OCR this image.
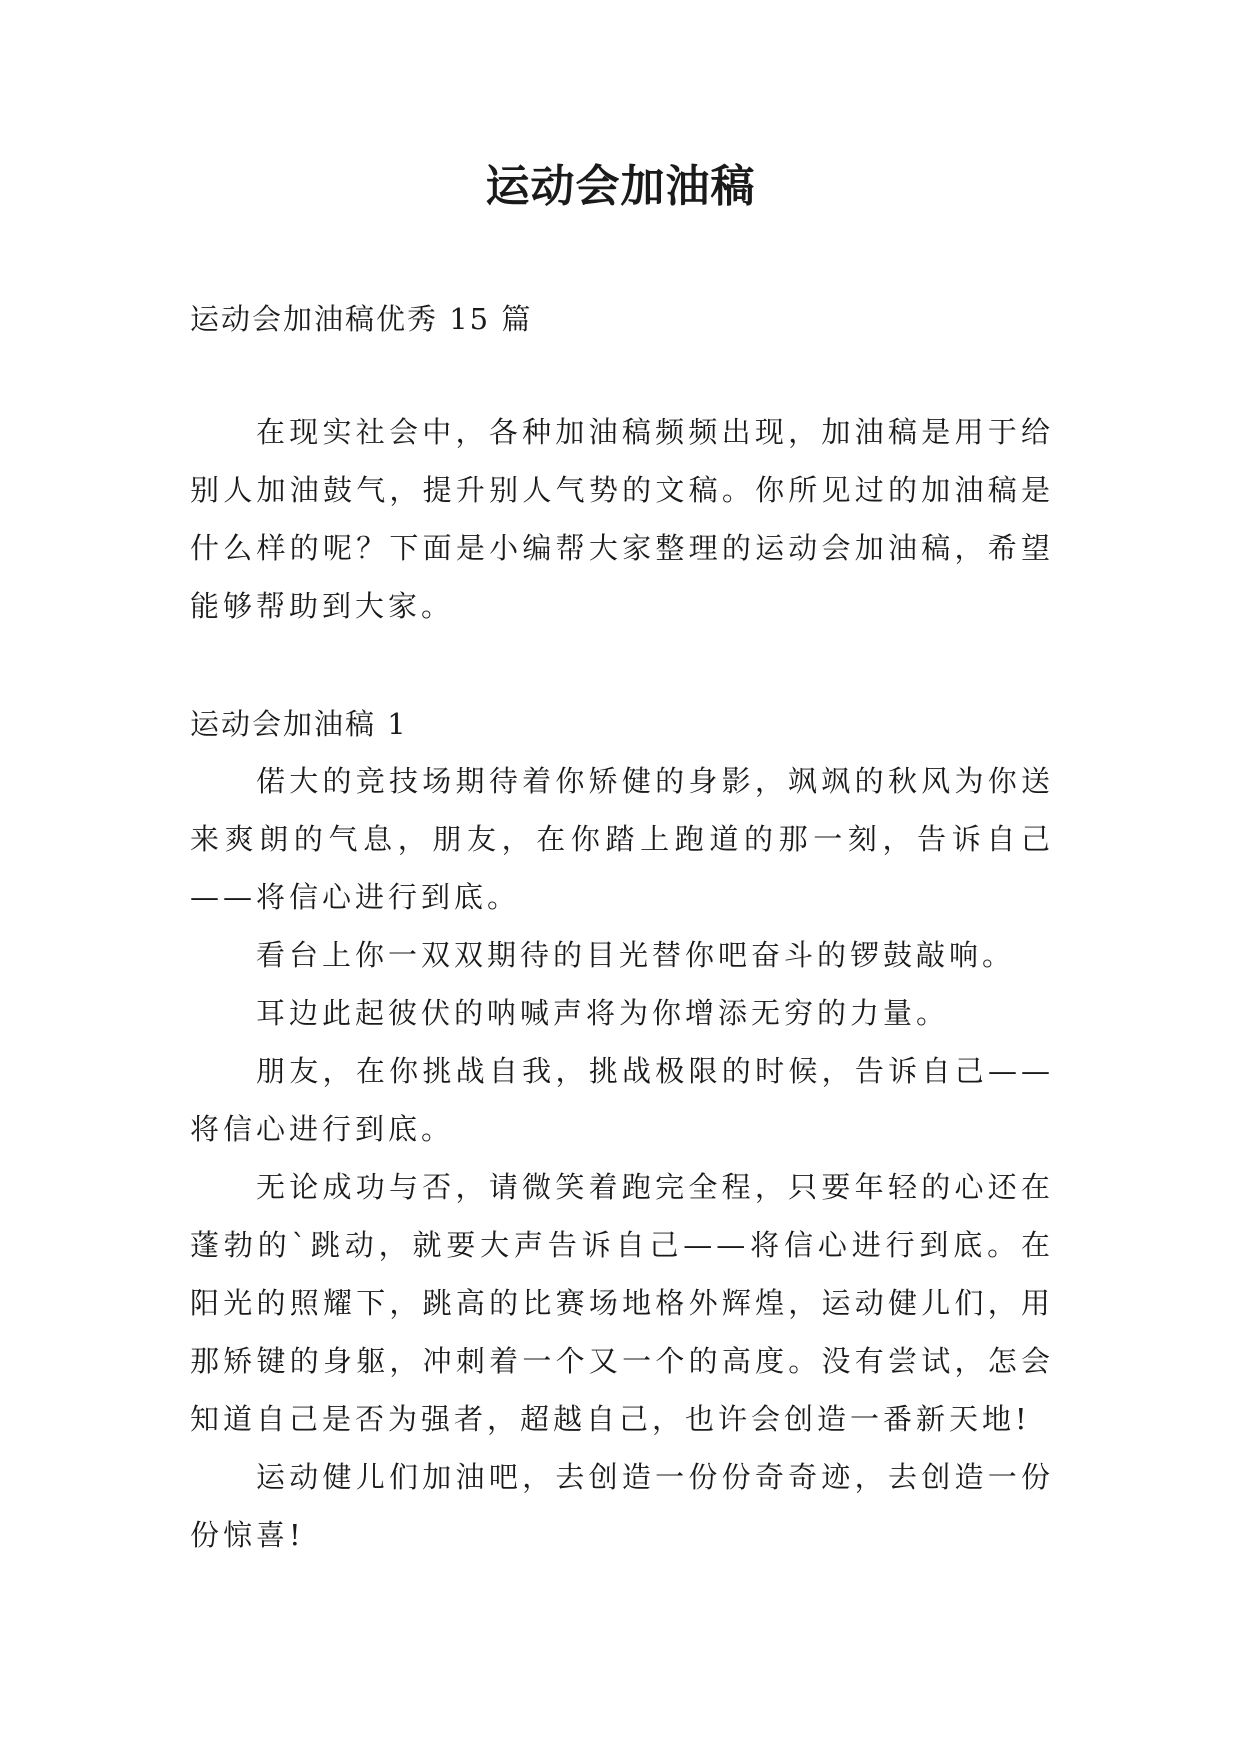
运动会加油稿
运动会加油稿优秀 15 篇

在现实社会中，各种加油稿频频出现，加油稿是用于给别人加油鼓气，提升别人气势的文稿。你所见过的加油稿是什么样的呢？下面是小编帮大家整理的运动会加油稿，希望能够帮助到大家。

运动会加油稿 1

偌大的竞技场期待着你矫健的身影，飒飒的秋风为你送来爽朗的气息，朋友，在你踏上跑道的那一刻，告诉自己——将信心进行到底。

看台上你一双双期待的目光替你吧奋斗的锣鼓敲响。

耳边此起彼伏的呐喊声将为你增添无穷的力量。

朋友，在你挑战自我，挑战极限的时候，告诉自己——将信心进行到底。

无论成功与否，请微笑着跑完全程，只要年轻的心还在蓬勃的`跳动，就要大声告诉自己——将信心进行到底。在阳光的照耀下，跳高的比赛场地格外辉煌，运动健儿们，用那矫键的身躯，冲刺着一个又一个的高度。没有尝试，怎会知道自己是否为强者，超越自己，也许会创造一番新天地!

运动健儿们加油吧，去创造一份份奇奇迹，去创造一份份惊喜!
